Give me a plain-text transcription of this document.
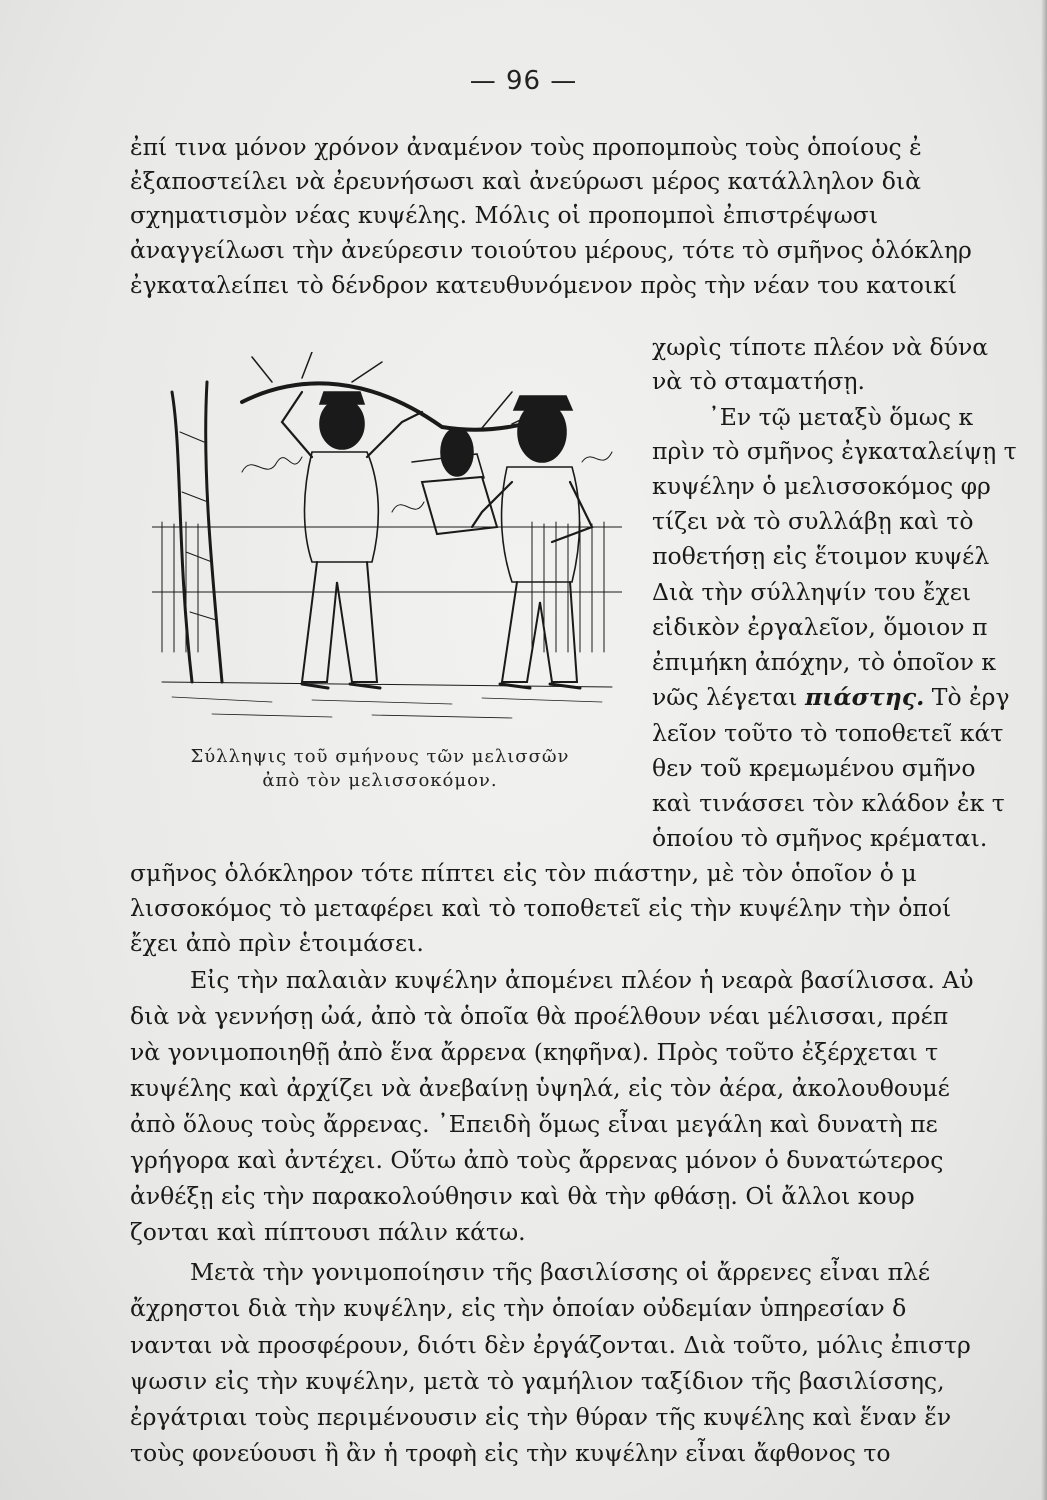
— 96 —
ἐπί τινα μόνον χρόνον ἀναμένον τοὺς προπομποὺς τοὺς ὁποίους ἐ
ἐξαποστείλει νὰ ἐρευνήσωσι καὶ ἀνεύρωσι μέρος κατάλληλον διὰ
σχηματισμὸν νέας κυψέλης. Μόλις οἱ προπομποὶ ἐπιστρέψωσι
ἀναγγείλωσι τὴν ἀνεύρεσιν τοιούτου μέρους, τότε τὸ σμῆνος ὁλόκληρ
ἐγκαταλείπει τὸ δένδρον κατευθυνόμενον πρὸς τὴν νέαν του κατοικί
Σύλληψις τοῦ σμήνους τῶν μελισσῶν
ἀπὸ τὸν μελισσοκόμον.
χωρὶς τίποτε πλέον νὰ δύνα
νὰ τὸ σταματήσῃ.
᾿Εν τῷ μεταξὺ ὅμως κ
πρὶν τὸ σμῆνος ἐγκαταλείψῃ τ
κυψέλην ὁ μελισσοκόμος φρ
τίζει νὰ τὸ συλλάβῃ καὶ τὸ
ποθετήσῃ εἰς ἕτοιμον κυψέλ
Διὰ τὴν σύλληψίν του ἔχει
εἰδικὸν ἐργαλεῖον, ὅμοιον π
ἐπιμήκη ἀπόχην, τὸ ὁποῖον κ
νῶς λέγεται πιάστης. Τὸ ἐργ
λεῖον τοῦτο τὸ τοποθετεῖ κάτ
θεν τοῦ κρεμωμένου σμῆνο
καὶ τινάσσει τὸν κλάδον ἐκ τ
ὁποίου τὸ σμῆνος κρέμαται.
σμῆνος ὁλόκληρον τότε πίπτει εἰς τὸν πιάστην, μὲ τὸν ὁποῖον ὁ μ
λισσοκόμος τὸ μεταφέρει καὶ τὸ τοποθετεῖ εἰς τὴν κυψέλην τὴν ὁποί
ἔχει ἀπὸ πρὶν ἑτοιμάσει.
Εἰς τὴν παλαιὰν κυψέλην ἀπομένει πλέον ἡ νεαρὰ βασίλισσα. Αὐ
διὰ νὰ γεννήσῃ ὠά, ἀπὸ τὰ ὁποῖα θὰ προέλθουν νέαι μέλισσαι, πρέπ
νὰ γονιμοποιηθῇ ἀπὸ ἕνα ἄρρενα (κηφῆνα). Πρὸς τοῦτο ἐξέρχεται τ
κυψέλης καὶ ἀρχίζει νὰ ἀνεβαίνῃ ὑψηλά, εἰς τὸν ἀέρα, ἀκολουθουμέ
ἀπὸ ὅλους τοὺς ἄρρενας. ᾿Επειδὴ ὅμως εἶναι μεγάλη καὶ δυνατὴ πε
γρήγορα καὶ ἀντέχει. Οὕτω ἀπὸ τοὺς ἄρρενας μόνον ὁ δυνατώτερος
ἀνθέξῃ εἰς τὴν παρακολούθησιν καὶ θὰ τὴν φθάσῃ. Οἱ ἄλλοι κουρ
ζονται καὶ πίπτουσι πάλιν κάτω.
Μετὰ τὴν γονιμοποίησιν τῆς βασιλίσσης οἱ ἄρρενες εἶναι πλέ
ἄχρηστοι διὰ τὴν κυψέλην, εἰς τὴν ὁποίαν οὐδεμίαν ὑπηρεσίαν δ
νανται νὰ προσφέρουν, διότι δὲν ἐργάζονται. Διὰ τοῦτο, μόλις ἐπιστρ
ψωσιν εἰς τὴν κυψέλην, μετὰ τὸ γαμήλιον ταξίδιον τῆς βασιλίσσης,
ἐργάτριαι τοὺς περιμένουσιν εἰς τὴν θύραν τῆς κυψέλης καὶ ἕναν ἕν
τοὺς φονεύουσι ἢ ἂν ἡ τροφὴ εἰς τὴν κυψέλην εἶναι ἄφθονος το
